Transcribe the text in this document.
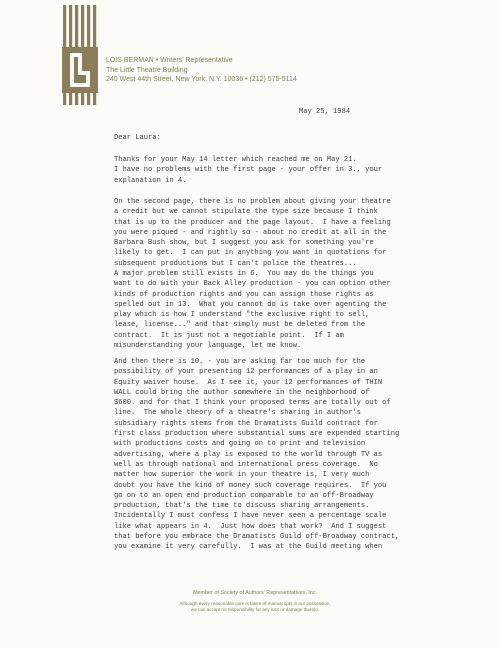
LOIS BERMAN • Writers' Representative
The Little Theatre Building
240 West 44th Street, New York, N.Y. 10036 • (212) 575-5114
May 25, 1984
Dear Laura:
Thanks for your May 14 letter which reached me on May 21.
I have no problems with the first page - your offer in 3., your
explanation in 4.
On the second page, there is no problem about giving your theatre
a credit but we cannot stipulate the type size because I think
that is up to the producer and the page layout.  I have a feeling
you were piqued - and rightly so - about no credit at all in the
Barbara Bush show, but I suggest you ask for something you're
likely to get.  I can put in anything you want in quotations for
subsequent productions but I can't police the theatres...
A major problem still exists in 6.  You may do the things you
want to do with your Back Alley production - you can option other
kinds of production rights and you can assign those rights as
spelled out in 13.  What you cannot do is take over agenting the
play which is how I understand "the exclusive right to sell,
lease, license..." and that simply must be deleted from the
contract.  It is just not a negotiable point.  If I am
misunderstanding your language, let me know.
And then there is 10. - you are asking far too much for the
possibility of your presenting 12 performances of a play in an
Equity waiver house.  As I see it, your 12 performances of THIN
WALL could bring the author somewhere in the neighborhood of
$600. and for that I think your proposed terms are totally out of
line.  The whole theory of a theatre's sharing in author's
subsidiary rights stems from the Dramatists Guild contract for
first class production where substantial sums are expended starting
with productions costs and going on to print and television
advertising, where a play is exposed to the world through TV as
well as through national and international press coverage.  No
matter how superior the work in your theatre is, I very much
doubt you have the kind of money such coverage requires.  If you
go on to an open end production comparable to an off-Broadway
production, that's the time to discuss sharing arrangements.
Incidentally I must confess I have never seen a percentage scale
like what appears in 4.  Just how does that work?  And I suggest
that before you embrace the Dramatists Guild off-Broadway contract,
you examine it very carefully.  I was at the Guild meeting when
Member of Society of Authors' Representatives, Inc.
Although every reasonable care is taken of manuscripts in our possession,
we can accept no responsibility for any loss or damage thereto.
